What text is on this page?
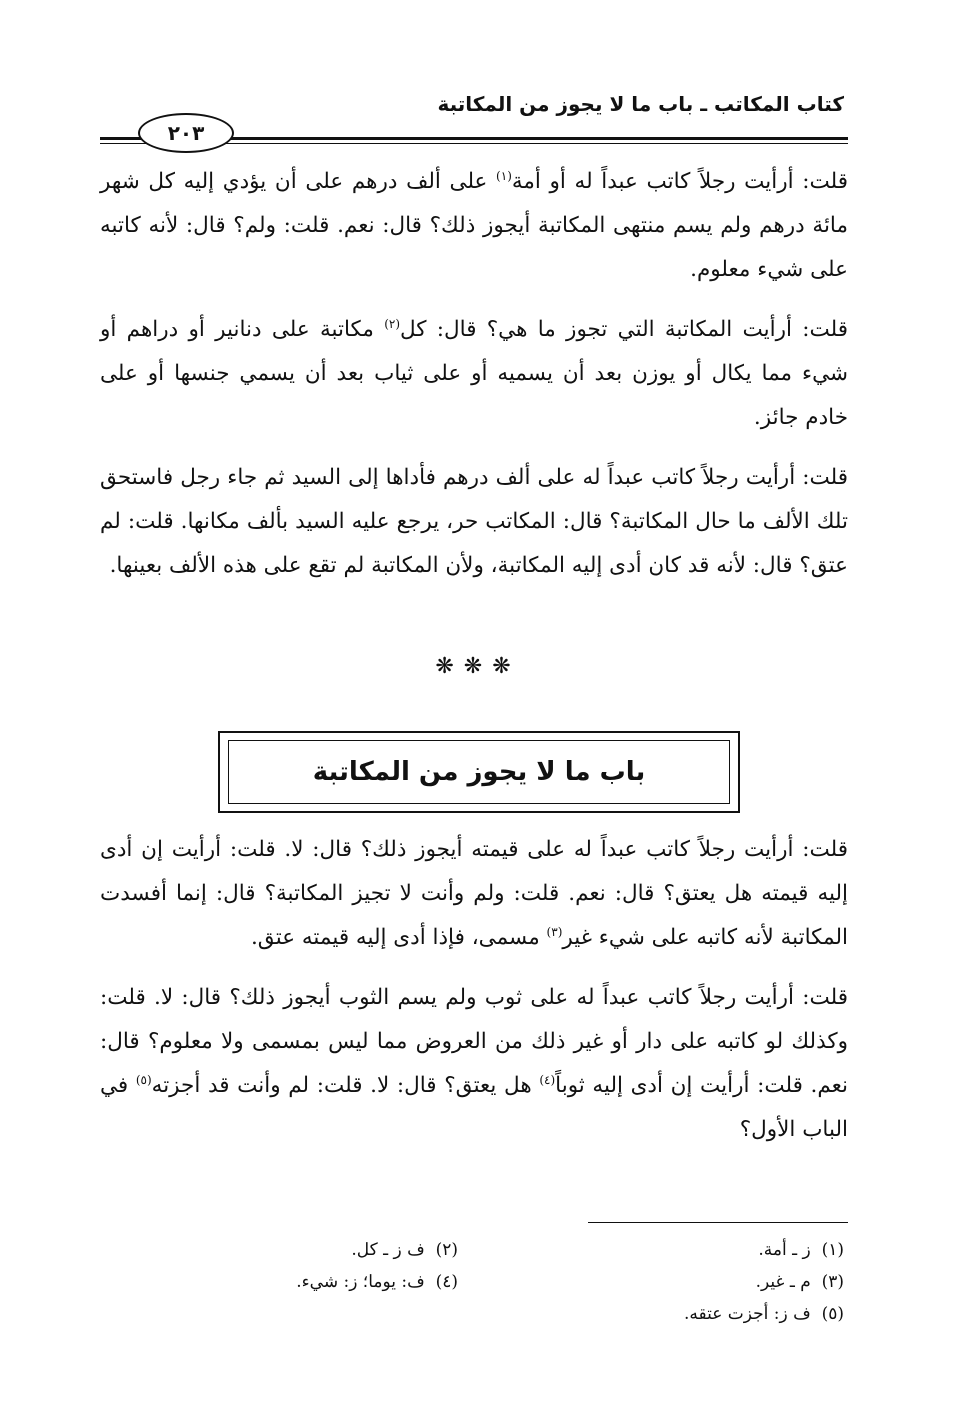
كتاب المكاتب ـ باب ما لا يجوز من المكاتبة
٢٠٣

قلت: أرأيت رجلاً كاتب عبداً له أو أمة$^{(١)}$ على ألف درهم على أن يؤدي إليه كل شهر مائة درهم ولم يسم منتهى المكاتبة أيجوز ذلك؟ قال: نعم. قلت: ولم؟ قال: لأنه كاتبه على شيء معلوم.

قلت: أرأيت المكاتبة التي تجوز ما هي؟ قال: كل$^{(٢)}$ مكاتبة على دنانير أو دراهم أو شيء مما يكال أو يوزن بعد أن يسميه أو على ثياب بعد أن يسمي جنسها أو على خادم جائز.

قلت: أرأيت رجلاً كاتب عبداً له على ألف درهم فأداها إلى السيد ثم جاء رجل فاستحق تلك الألف ما حال المكاتبة؟ قال: المكاتب حر، يرجع عليه السيد بألف مكانها. قلت: لم عتق؟ قال: لأنه قد كان أدى إليه المكاتبة، ولأن المكاتبة لم تقع على هذه الألف بعينها.

❋❋❋
باب ما لا يجوز من المكاتبة

قلت: أرأيت رجلاً كاتب عبداً له على قيمته أيجوز ذلك؟ قال: لا. قلت: أرأيت إن أدى إليه قيمته هل يعتق؟ قال: نعم. قلت: ولم وأنت لا تجيز المكاتبة؟ قال: إنما أفسدت المكاتبة لأنه كاتبه على شيء غير$^{(٣)}$ مسمى، فإذا أدى إليه قيمته عتق.

قلت: أرأيت رجلاً كاتب عبداً له على ثوب ولم يسم الثوب أيجوز ذلك؟ قال: لا. قلت: وكذلك لو كاتبه على دار أو غير ذلك من العروض مما ليس بمسمى ولا معلوم؟ قال: نعم. قلت: أرأيت إن أدى إليه ثوباً$^{(٤)}$ هل يعتق؟ قال: لا. قلت: لم وأنت قد أجزته$^{(٥)}$ في الباب الأول؟

(١)  ز ـ أمة.
(٢)  ف ز ـ كل.
(٣)  م ـ غير.
(٤)  ف: يوما؛ ز: شيء.
(٥)  ف ز: أجزت عتقه.
